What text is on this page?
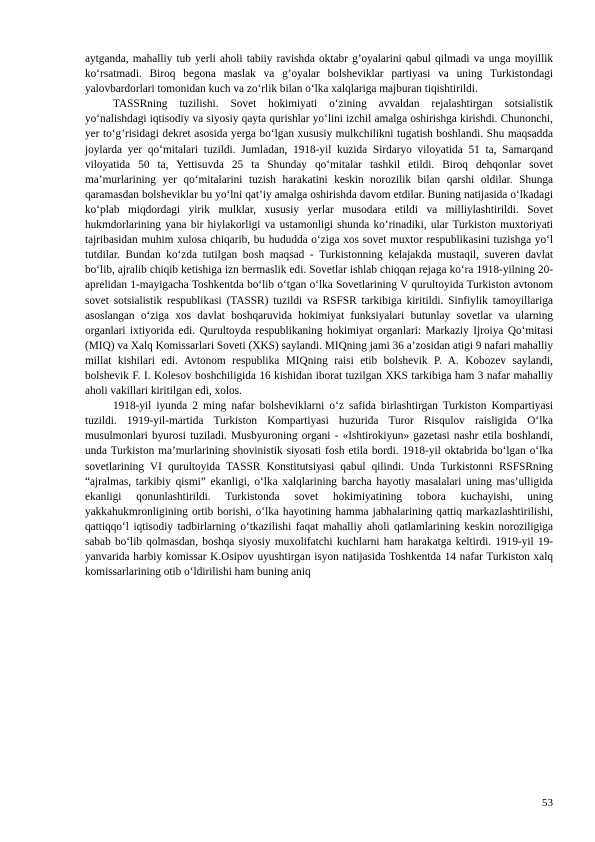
aytganda, mahalliy tub yerli aholi tabiiy ravishda oktabr g’oyalarini qabul qilmadi va unga moyillik ko‘rsatmadi. Biroq begona maslak va g’oyalar bolsheviklar partiyasi va uning Turkistondagi yalovbardorlari tomonidan kuch va zo‘rlik bilan o‘lka xalqlariga majburan tiqishtirildi.

TASSRning tuzilishi. Sovet hokimiyati o‘zining avvaldan rejalashtirgan sotsialistik yo‘nalishdagi iqtisodiy va siyosiy qayta qurishlar yo‘lini izchil amalga oshirishga kirishdi. Chunonchi, yer to‘g’risidagi dekret asosida yerga bo‘lgan xususiy mulkchilikni tugatish boshlandi. Shu maqsadda joylarda yer qo‘mitalari tuzildi. Jumladan, 1918-yil kuzida Sirdaryo viloyatida 51 ta, Samarqand viloyatida 50 ta, Yettisuvda 25 ta Shunday qo‘mitalar tashkil etildi. Biroq dehqonlar sovet ma’murlarining yer qo‘mitalarini tuzish harakatini keskin norozilik bilan qarshi oldilar. Shunga qaramasdan bolsheviklar bu yo‘lni qat’iy amalga oshirishda davom etdilar. Buning natijasida o‘lkadagi ko‘plab miqdordagi yirik mulklar, xususiy yerlar musodara etildi va milliylashtirildi. Sovet hukmdorlarining yana bir hiylakorligi va ustamonligi shunda ko‘rinadiki, ular Turkiston muxtoriyati tajribasidan muhim xulosa chiqarib, bu hududda o‘ziga xos sovet muxtor respublikasini tuzishga yo‘l tutdilar. Bundan ko‘zda tutilgan bosh maqsad - Turkistonning kelajakda mustaqil, suveren davlat bo‘lib, ajralib chiqib ketishiga izn bermaslik edi. Sovetlar ishlab chiqqan rejaga ko‘ra 1918-yilning 20-aprelidan 1-mayigacha Toshkentda bo‘lib o‘tgan o‘lka Sovetlarining V qurultoyida Turkiston avtonom sovet sotsialistik respublikasi (TASSR) tuzildi va RSFSR tarkibiga kiritildi. Sinfiylik tamoyillariga asoslangan o‘ziga xos davlat boshqaruvida hokimiyat funksiyalari butunlay sovetlar va ularning organlari ixtiyorida edi. Qurultoyda respublikaning hokimiyat organlari: Markaziy Ijroiya Qo‘mitasi (MIQ) va Xalq Komissarlari Soveti (XKS) saylandi. MIQning jami 36 a’zosidan atigi 9 nafari mahalliy millat kishilari edi. Avtonom respublika MIQning raisi etib bolshevik P. A. Kobozev saylandi, bolshevik F. I. Kolesov boshchiligida 16 kishidan iborat tuzilgan XKS tarkibiga ham 3 nafar mahalliy aholi vakillari kiritilgan edi, xolos.

1918-yil iyunda 2 ming nafar bolsheviklarni o‘z safida birlashtirgan Turkiston Kompartiyasi tuzildi. 1919-yil-martida Turkiston Kompartiyasi huzurida Turor Risqulov raisligida O‘lka musulmonlari byurosi tuziladi. Musbyuroning organi - «Ishtirokiyun» gazetasi nashr etila boshlandi, unda Turkiston ma’murlarining shovinistik siyosati fosh etila bordi. 1918-yil oktabrida bo‘lgan o‘lka sovetlarining VI qurultoyida TASSR Konstitutsiyasi qabul qilindi. Unda Turkistonni RSFSRning “ajralmas, tarkibiy qismi” ekanligi, o‘lka xalqlarining barcha hayotiy masalalari uning mas’ulligida ekanligi qonunlashtirildi. Turkistonda sovet hokimiyatining tobora kuchayishi, uning yakkahukmronligining ortib borishi, o‘lka hayotining hamma jabhalarining qattiq markazlashtirilishi, qattiqqo‘l iqtisodiy tadbirlarning o‘tkazilishi faqat mahalliy aholi qatlamlarining keskin noroziligiga sabab bo‘lib qolmasdan, boshqa siyosiy muxolifatchi kuchlarni ham harakatga keltirdi. 1919-yil 19-yanvarida harbiy komissar K.Osipov uyushtirgan isyon natijasida Toshkentda 14 nafar Turkiston xalq komissarlarining otib o‘ldirilishi ham buning aniq

53
